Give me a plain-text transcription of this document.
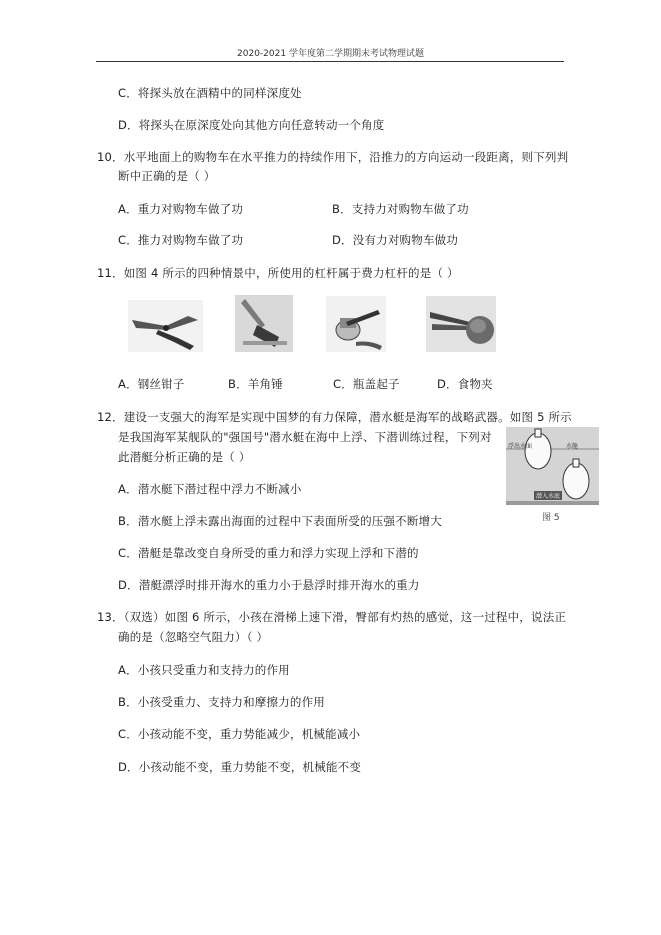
2020-2021 学年度第二学期期末考试物理试题
C．将探头放在酒精中的同样深度处
D．将探头在原深度处向其他方向任意转动一个角度
10．水平地面上的购物车在水平推力的持续作用下，沿推力的方向运动一段距离，则下列判
断中正确的是（ ）
A．重力对购物车做了功	B．支持力对购物车做了功
C．推力对购物车做了功	D．没有力对购物车做功
11．如图 4 所示的四种情景中，所使用的杠杆属于费力杠杆的是（ ）
A．钢丝钳子	B．羊角锤	C．瓶盖起子	D．食物夹
12．建设一支强大的海军是实现中国梦的有力保障，潜水艇是海军的战略武器。如图 5 所示
是我国海军某舰队的"强国号"潜水艇在海中上浮、下潜训练过程，下列对
此潜艇分析正确的是（ ）
浮出水面	水舱
潜入水底
图 5
A．潜水艇下潜过程中浮力不断减小
B．潜水艇上浮未露出海面的过程中下表面所受的压强不断增大
C．潜艇是靠改变自身所受的重力和浮力实现上浮和下潜的
D．潜艇漂浮时排开海水的重力小于悬浮时排开海水的重力
13．（双选）如图 6 所示，小孩在滑梯上速下滑，臀部有灼热的感觉，这一过程中，说法正
确的是（忽略空气阻力）（ ）
A．小孩只受重力和支持力的作用
B．小孩受重力、支持力和摩擦力的作用
C．小孩动能不变，重力势能减少，机械能减小
D．小孩动能不变，重力势能不变，机械能不变
